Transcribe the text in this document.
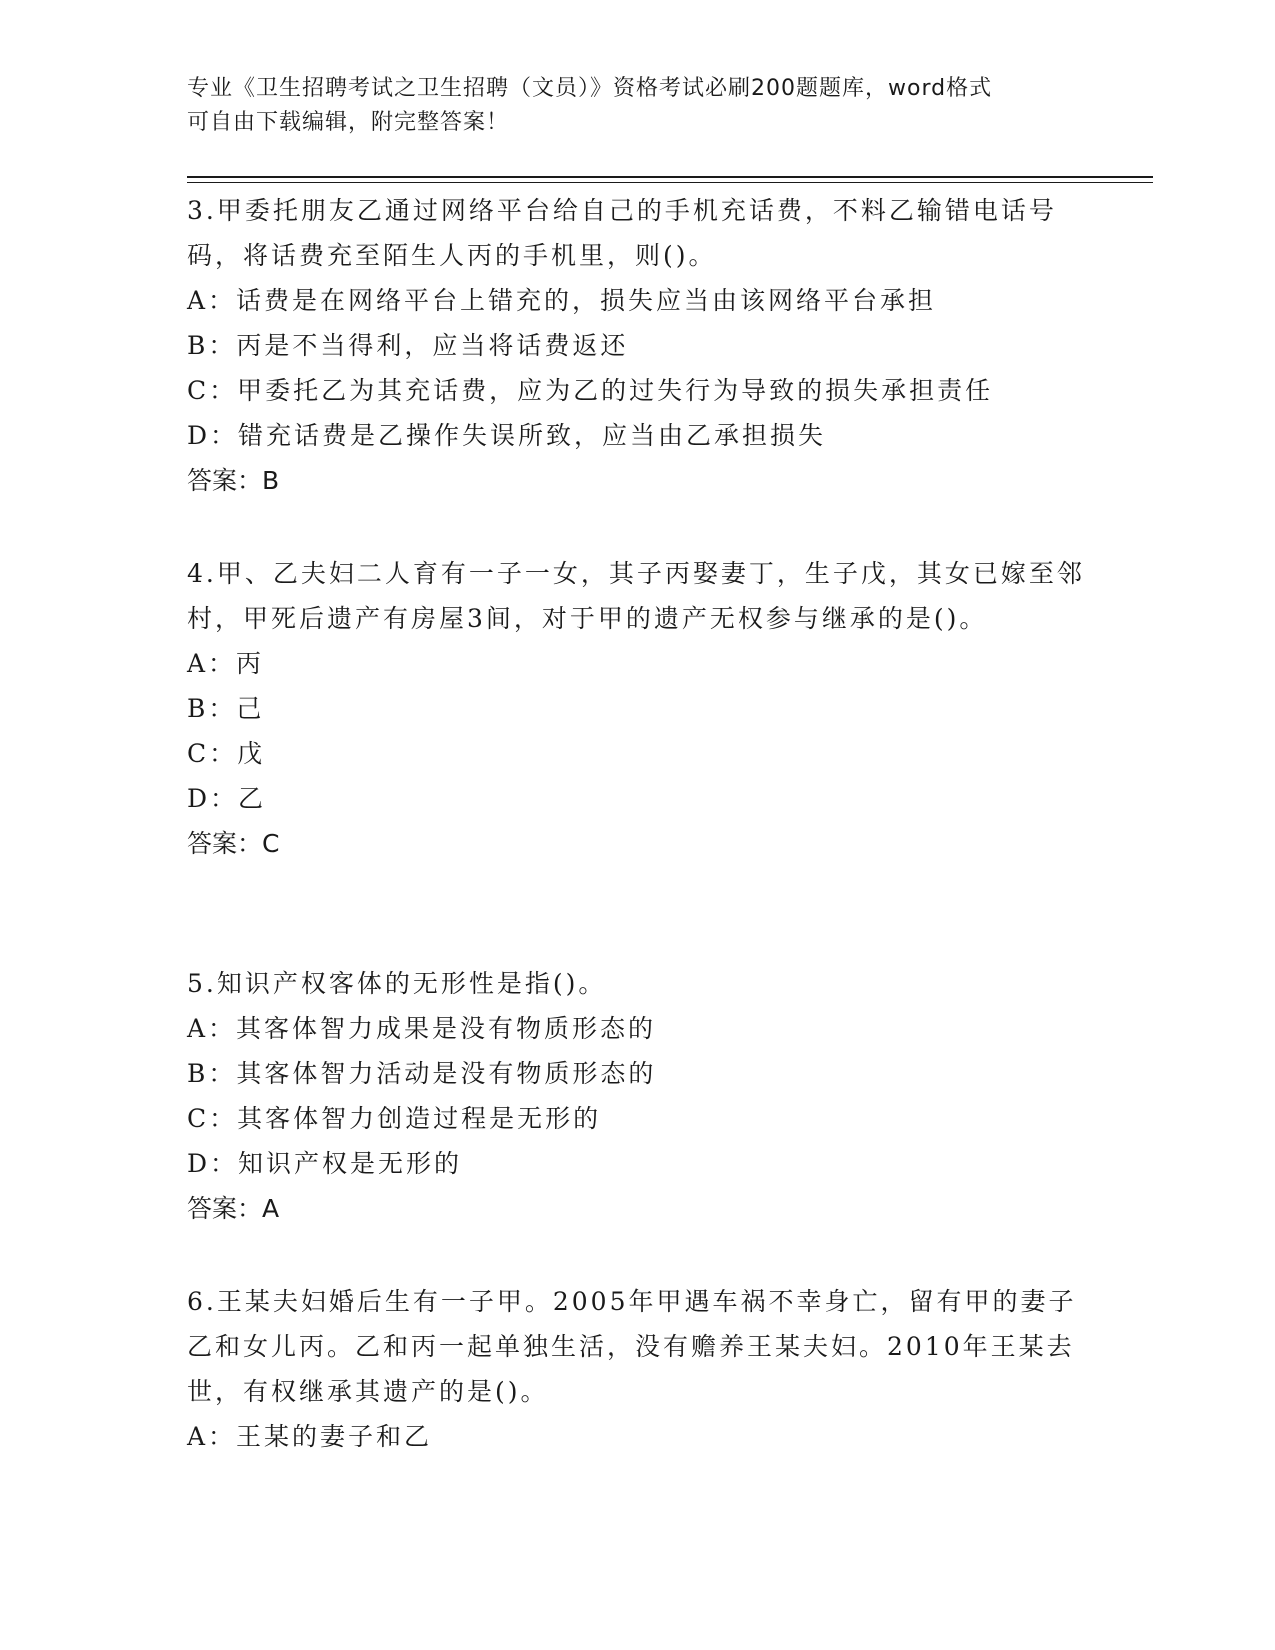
专业《卫生招聘考试之卫生招聘（文员）》资格考试必刷200题题库，word格式
可自由下载编辑，附完整答案！

3.甲委托朋友乙通过网络平台给自己的手机充话费，不料乙输错电话号码，将话费充至陌生人丙的手机里，则()。

A：话费是在网络平台上错充的，损失应当由该网络平台承担

B：丙是不当得利，应当将话费返还

C：甲委托乙为其充话费，应为乙的过失行为导致的损失承担责任

D：错充话费是乙操作失误所致，应当由乙承担损失

答案：B

4.甲、乙夫妇二人育有一子一女，其子丙娶妻丁，生子戊，其女已嫁至邻村，甲死后遗产有房屋3间，对于甲的遗产无权参与继承的是()。

A：丙

B：己

C：戊

D：乙

答案：C

5.知识产权客体的无形性是指()。

A：其客体智力成果是没有物质形态的

B：其客体智力活动是没有物质形态的

C：其客体智力创造过程是无形的

D：知识产权是无形的

答案：A

6.王某夫妇婚后生有一子甲。2005年甲遇车祸不幸身亡，留有甲的妻子乙和女儿丙。乙和丙一起单独生活，没有赡养王某夫妇。2010年王某去世，有权继承其遗产的是()。

A：王某的妻子和乙
